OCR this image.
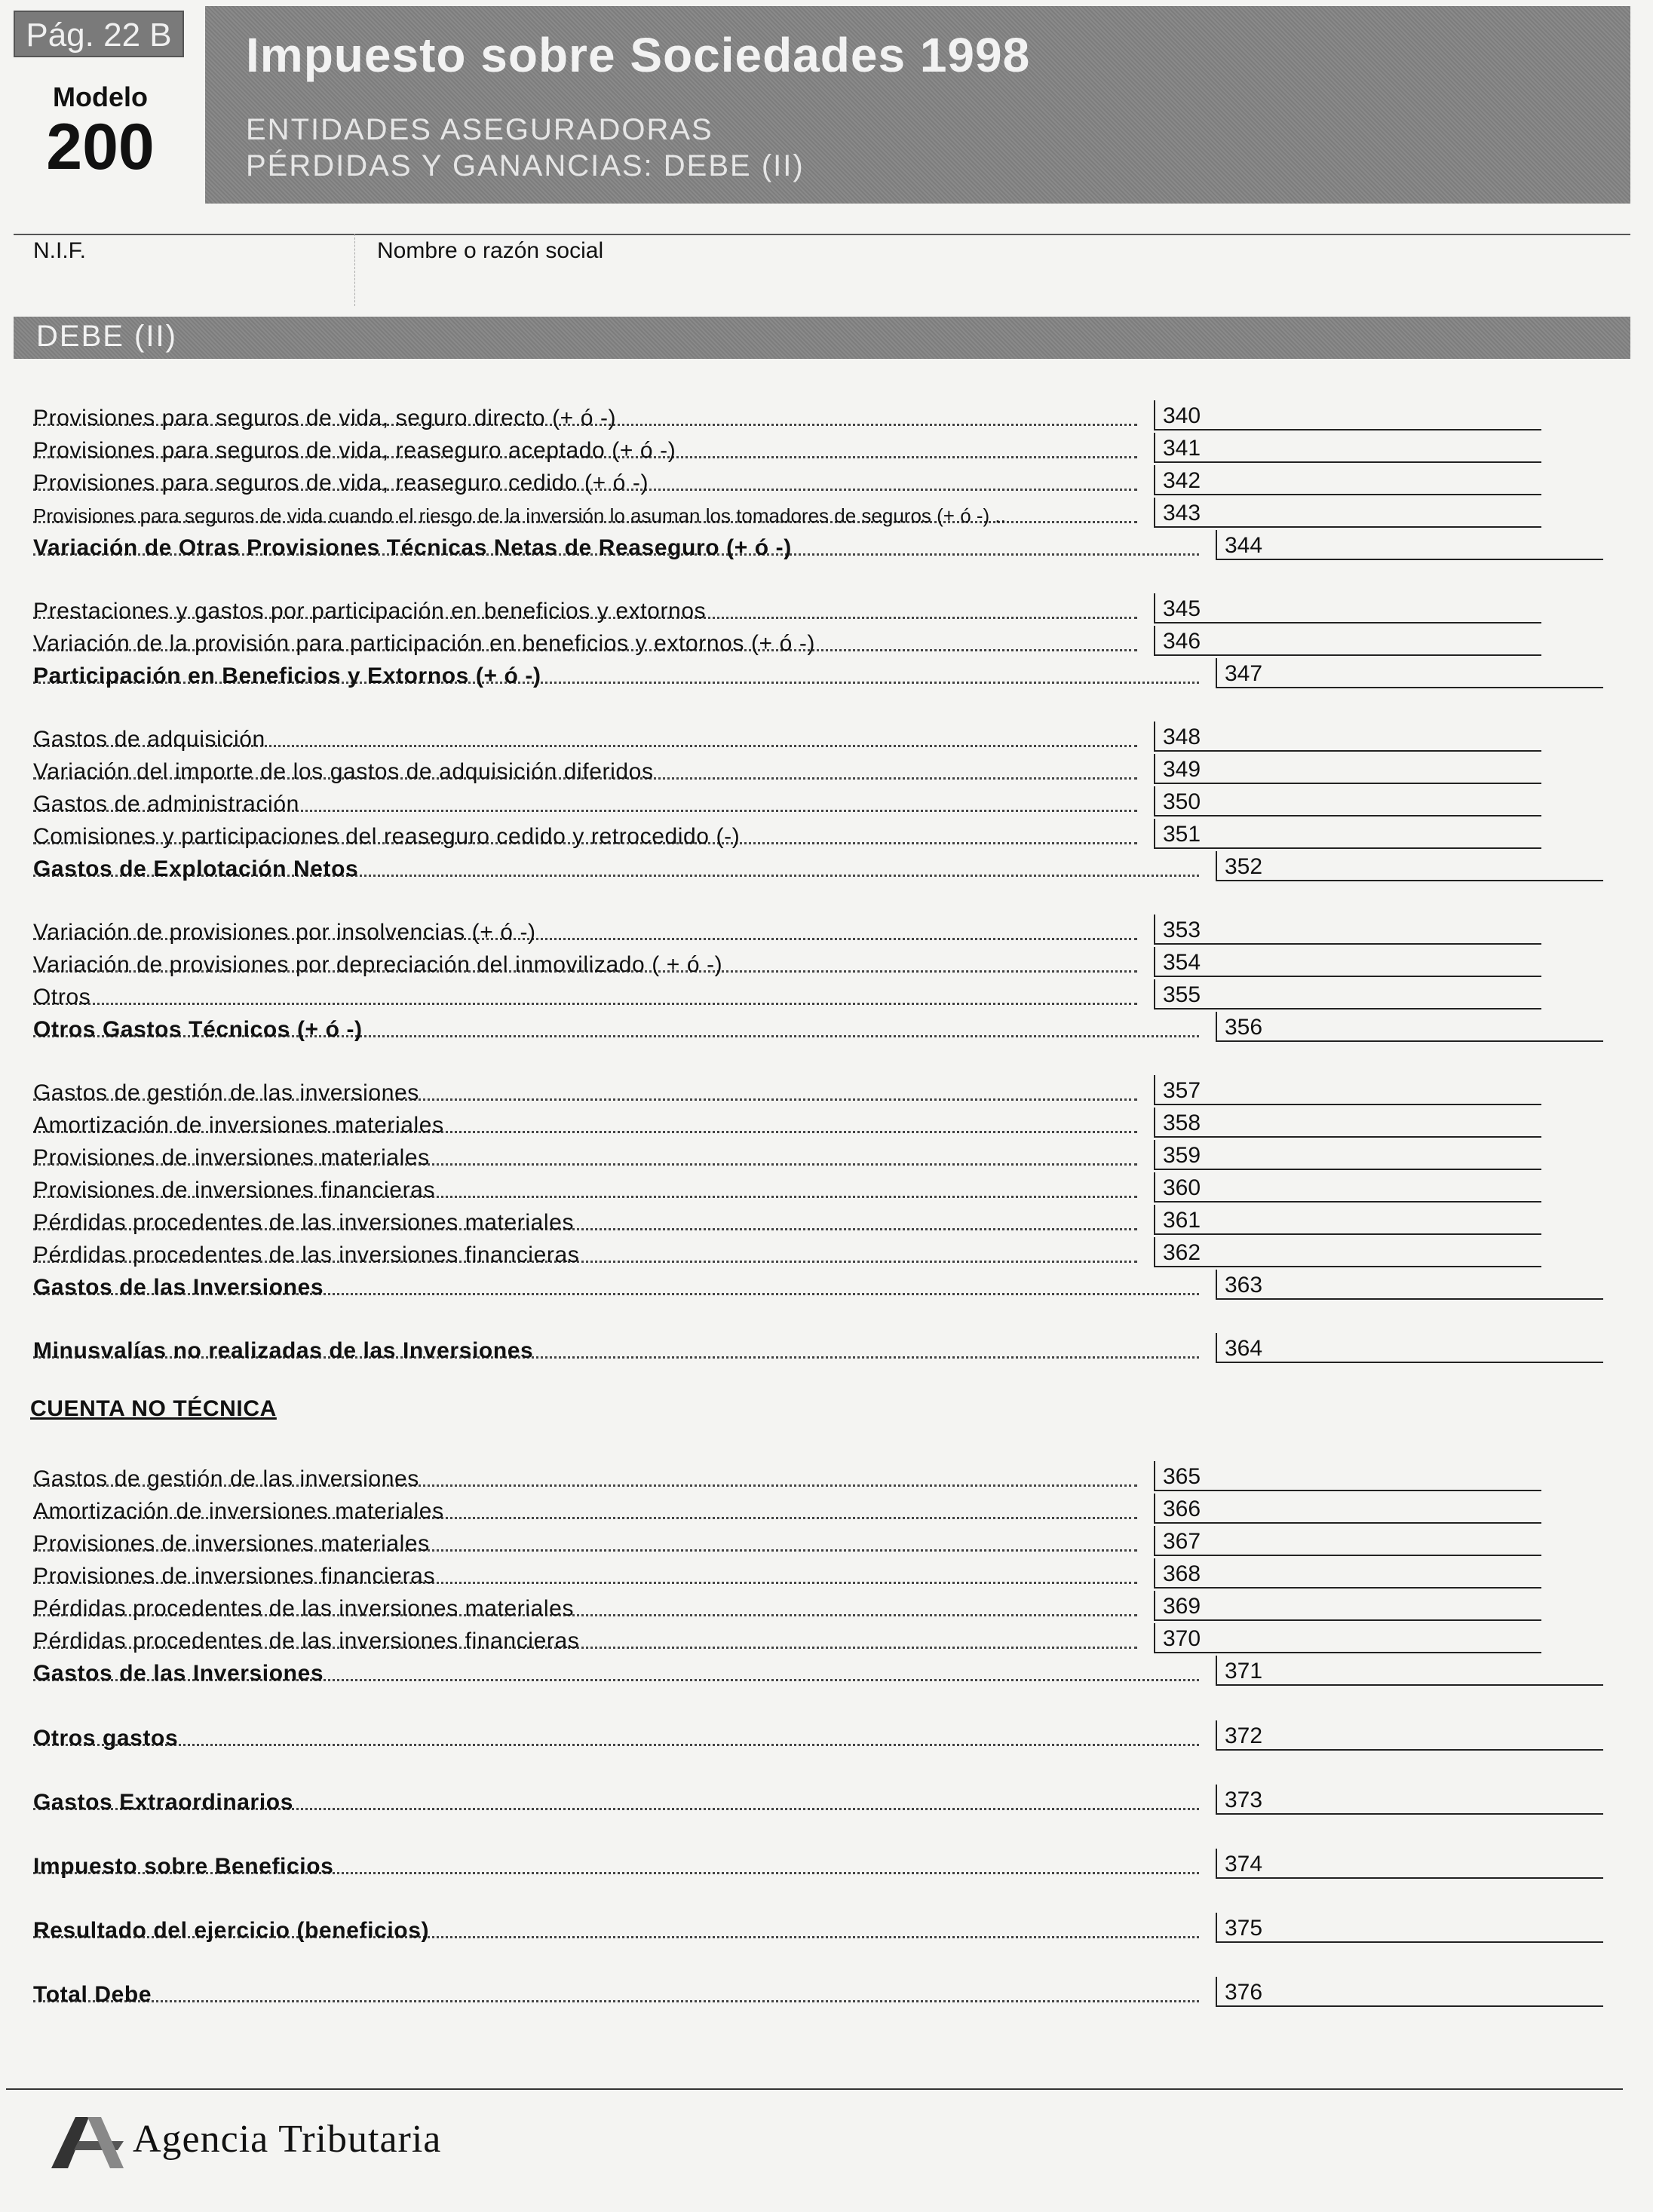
Pág. 22 B
Modelo
200
Impuesto sobre Sociedades 1998
ENTIDADES ASEGURADORAS
PÉRDIDAS Y GANANCIAS: DEBE (II)
N.I.F.	Nombre o razón social
DEBE (II)
Provisiones para seguros de vida, seguro directo (+ ó -)	340
Provisiones para seguros de vida, reaseguro aceptado (+ ó -)	341
Provisiones para seguros de vida, reaseguro cedido (+ ó -)	342
Provisiones para seguros de vida cuando el riesgo de la inversión lo asuman los tomadores de seguros (+ ó -) ..	343
Variación de Otras Provisiones Técnicas Netas de Reaseguro (+ ó -)	344
Prestaciones y gastos por participación en beneficios y extornos	345
Variación de la provisión para participación en beneficios y extornos (+ ó -)	346
Participación en Beneficios y Extornos (+ ó -)	347
Gastos de adquisición	348
Variación del importe de los gastos de adquisición diferidos	349
Gastos de administración	350
Comisiones y participaciones del reaseguro cedido y retrocedido (-)	351
Gastos de Explotación Netos	352
Variación de provisiones por insolvencias (+ ó -)	353
Variación de provisiones por depreciación del inmovilizado ( + ó -)	354
Otros	355
Otros Gastos Técnicos (+ ó -)	356
Gastos de gestión de las inversiones	357
Amortización de inversiones materiales	358
Provisiones de inversiones materiales	359
Provisiones de inversiones financieras	360
Pérdidas procedentes de las inversiones materiales	361
Pérdidas procedentes de las inversiones financieras	362
Gastos de las Inversiones	363
Minusvalías no realizadas de las Inversiones	364
Gastos de gestión de las inversiones	365
Amortización de inversiones materiales	366
Provisiones de inversiones materiales	367
Provisiones de inversiones financieras	368
Pérdidas procedentes de las inversiones materiales	369
Pérdidas procedentes de las inversiones financieras	370
Gastos de las Inversiones	371
Otros gastos	372
Gastos Extraordinarios	373
Impuesto sobre Beneficios	374
Resultado del ejercicio (beneficios)	375
Total Debe	376
CUENTA NO TÉCNICA
Agencia Tributaria
